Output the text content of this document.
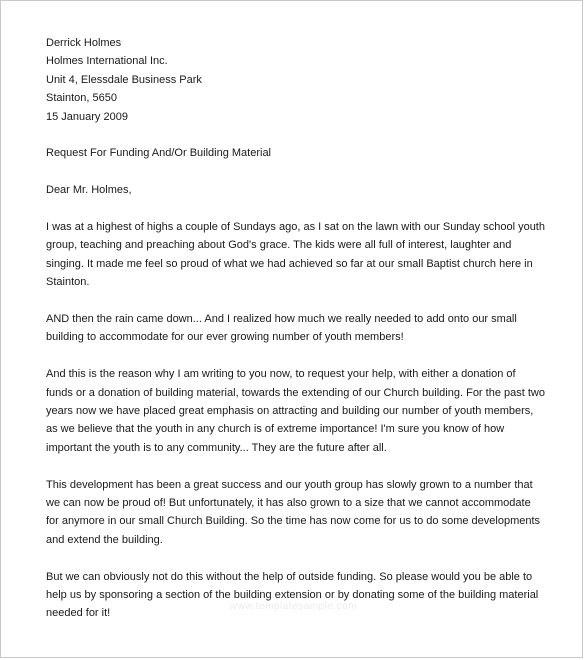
Derrick Holmes
Holmes International Inc.
Unit 4, Elessdale Business Park
Stainton, 5650
15 January 2009
Request For Funding And/Or Building Material
Dear Mr. Holmes,
I was at a highest of highs a couple of Sundays ago, as I sat on the lawn with our Sunday school youth
group, teaching and preaching about God's grace. The kids were all full of interest, laughter and
singing. It made me feel so proud of what we had achieved so far at our small Baptist church here in
Stainton.
AND then the rain came down... And I realized how much we really needed to add onto our small
building to accommodate for our ever growing number of youth members!
And this is the reason why I am writing to you now, to request your help, with either a donation of
funds or a donation of building material, towards the extending of our Church building. For the past two
years now we have placed great emphasis on attracting and building our number of youth members,
as we believe that the youth in any church is of extreme importance! I'm sure you know of how
important the youth is to any community... They are the future after all.
This development has been a great success and our youth group has slowly grown to a number that
we can now be proud of! But unfortunately, it has also grown to a size that we cannot accommodate
for anymore in our small Church Building. So the time has now come for us to do some developments
and extend the building.
But we can obviously not do this without the help of outside funding. So please would you be able to
help us by sponsoring a section of the building extension or by donating some of the building material
needed for it!
www.templatesample.com
